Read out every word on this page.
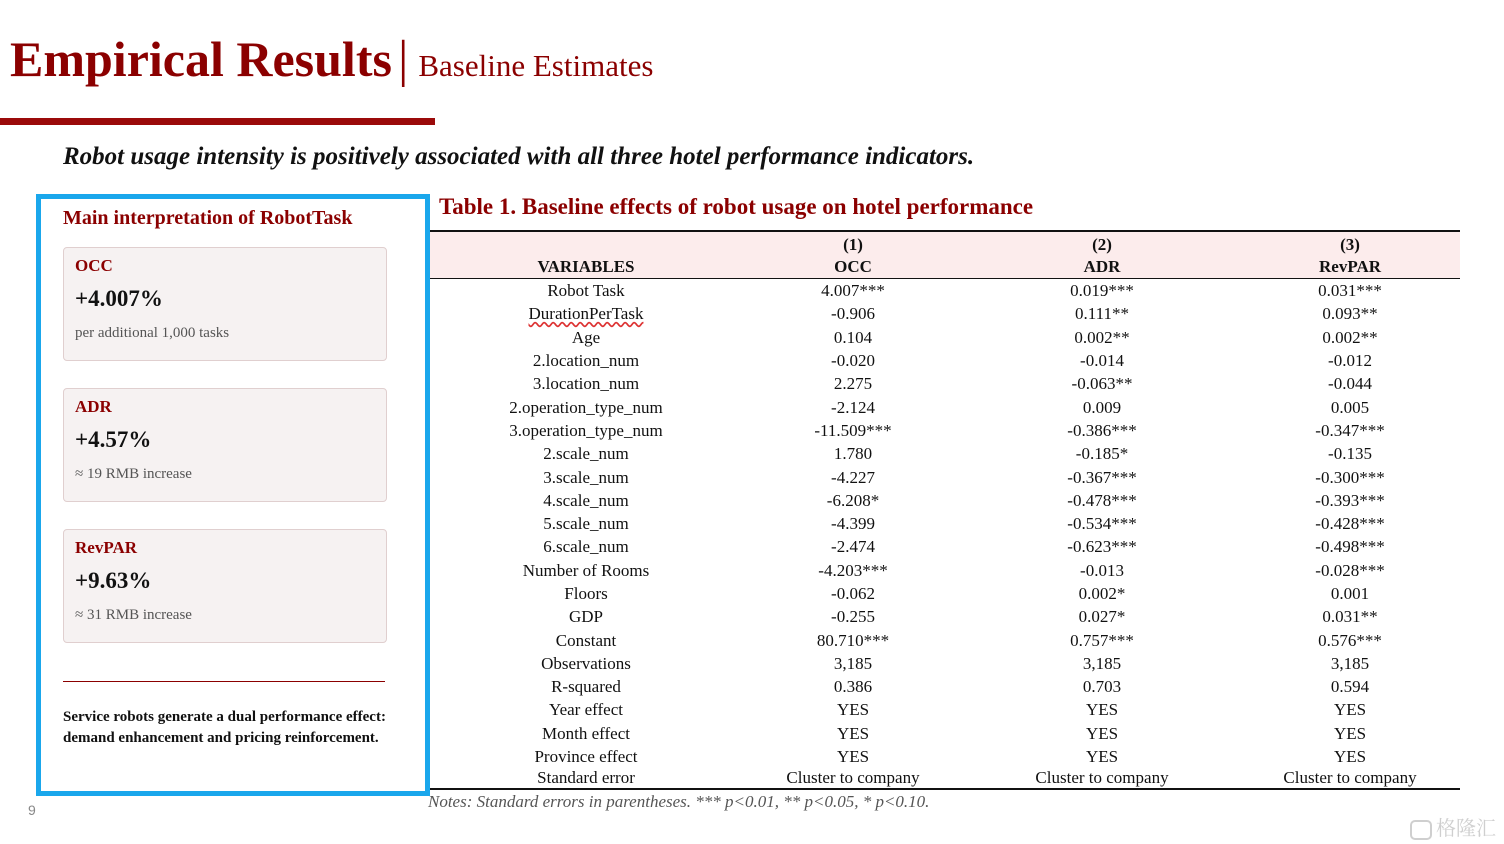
Empirical Results | Baseline Estimates
Robot usage intensity is positively associated with all three hotel performance indicators.
Main interpretation of RobotTask
OCC
+4.007%
per additional 1,000 tasks
ADR
+4.57%
≈ 19 RMB increase
RevPAR
+9.63%
≈ 31 RMB increase
Service robots generate a dual performance effect: demand enhancement and pricing reinforcement.
Table 1. Baseline effects of robot usage on hotel performance
	(1)	(2)	(3)
VARIABLES	OCC	ADR	RevPAR
Robot Task	4.007***	0.019***	0.031***
DurationPerTask	-0.906	0.111**	0.093**
Age	0.104	0.002**	0.002**
2.location_num	-0.020	-0.014	-0.012
3.location_num	2.275	-0.063**	-0.044
2.operation_type_num	-2.124	0.009	0.005
3.operation_type_num	-11.509***	-0.386***	-0.347***
2.scale_num	1.780	-0.185*	-0.135
3.scale_num	-4.227	-0.367***	-0.300***
4.scale_num	-6.208*	-0.478***	-0.393***
5.scale_num	-4.399	-0.534***	-0.428***
6.scale_num	-2.474	-0.623***	-0.498***
Number of Rooms	-4.203***	-0.013	-0.028***
Floors	-0.062	0.002*	0.001
GDP	-0.255	0.027*	0.031**
Constant	80.710***	0.757***	0.576***
Observations	3,185	3,185	3,185
R-squared	0.386	0.703	0.594
Year effect	YES	YES	YES
Month effect	YES	YES	YES
Province effect	YES	YES	YES
Standard error	Cluster to company	Cluster to company	Cluster to company
Notes: Standard errors in parentheses. *** p<0.01, ** p<0.05, * p<0.10.
9
格隆汇
